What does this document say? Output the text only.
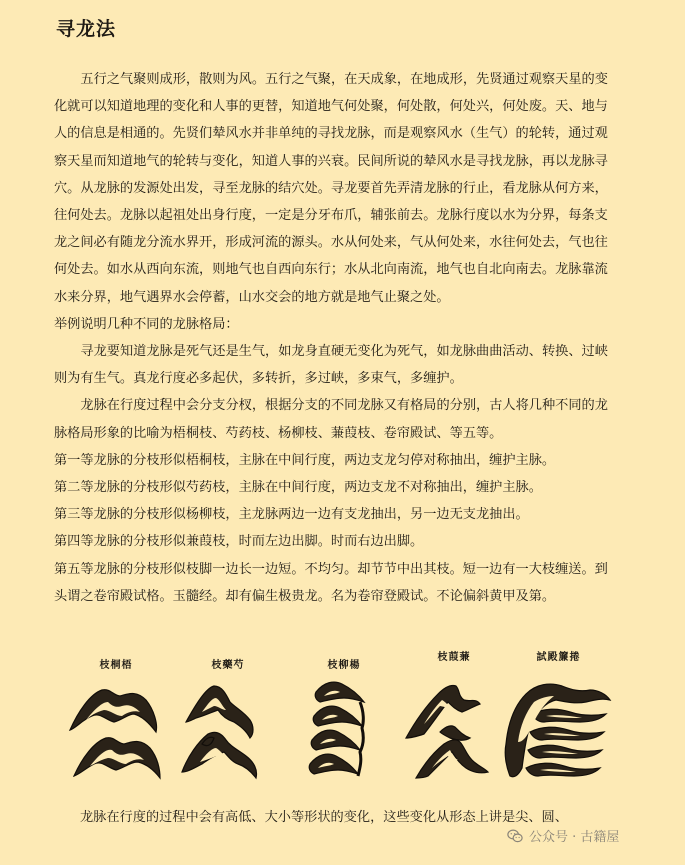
寻龙法

五行之气聚则成形，散则为风。五行之气聚，在天成象，在地成形，先贤通过观察天星的变化就可以知道地理的变化和人事的更替，知道地气何处聚，何处散，何处兴，何处废。天、地与人的信息是相通的。先贤们辇风水并非单纯的寻找龙脉，而是观察风水（生气）的轮转，通过观察天星而知道地气的轮转与变化，知道人事的兴衰。民间所说的辇风水是寻找龙脉，再以龙脉寻穴。从龙脉的发源处出发，寻至龙脉的结穴处。寻龙要首先弄清龙脉的行止，看龙脉从何方来，往何处去。龙脉以起祖处出身行度，一定是分牙布爪，辅张前去。龙脉行度以水为分界，每条支龙之间必有随龙分流水界开，形成河流的源头。水从何处来，气从何处来，水往何处去，气也往何处去。如水从西向东流，则地气也自西向东行；水从北向南流，地气也自北向南去。龙脉靠流水来分界，地气遇界水会停蓄，山水交会的地方就是地气止聚之处。

举例说明几种不同的龙脉格局：

寻龙要知道龙脉是死气还是生气，如龙身直硬无变化为死气，如龙脉曲曲活动、转换、过峡则为有生气。真龙行度必多起伏，多转折，多过峡，多束气，多缠护。

龙脉在行度过程中会分支分杈，根据分支的不同龙脉又有格局的分别，古人将几种不同的龙脉格局形象的比喻为梧桐枝、芍药枝、杨柳枝、蒹葭枝、卷帘殿试、等五等。

第一等龙脉的分枝形似梧桐枝，主脉在中间行度，两边支龙匀停对称抽出，缠护主脉。

第二等龙脉的分枝形似芍药枝，主脉在中间行度，两边支龙不对称抽出，缠护主脉。

第三等龙脉的分枝形似杨柳枝，主龙脉两边一边有支龙抽出，另一边无支龙抽出。

第四等龙脉的分枝形似兼葭枝，时而左边出脚。时而右边出脚。

第五等龙脉的分枝形似枝脚一边长一边短。不均匀。却节节中出其枝。短一边有一大枝缠送。到头谓之卷帘殿试格。玉髓经。却有偏生极贵龙。名为卷帘登殿试。不论偏斜黄甲及第。

枝桐梧	枝藥芍	枝柳楊
枝葭蒹	試殿簾捲
龙脉在行度的过程中会有高低、大小等形状的变化，这些变化从形态上讲是尖、圆、
公众号 · 古籍屋
